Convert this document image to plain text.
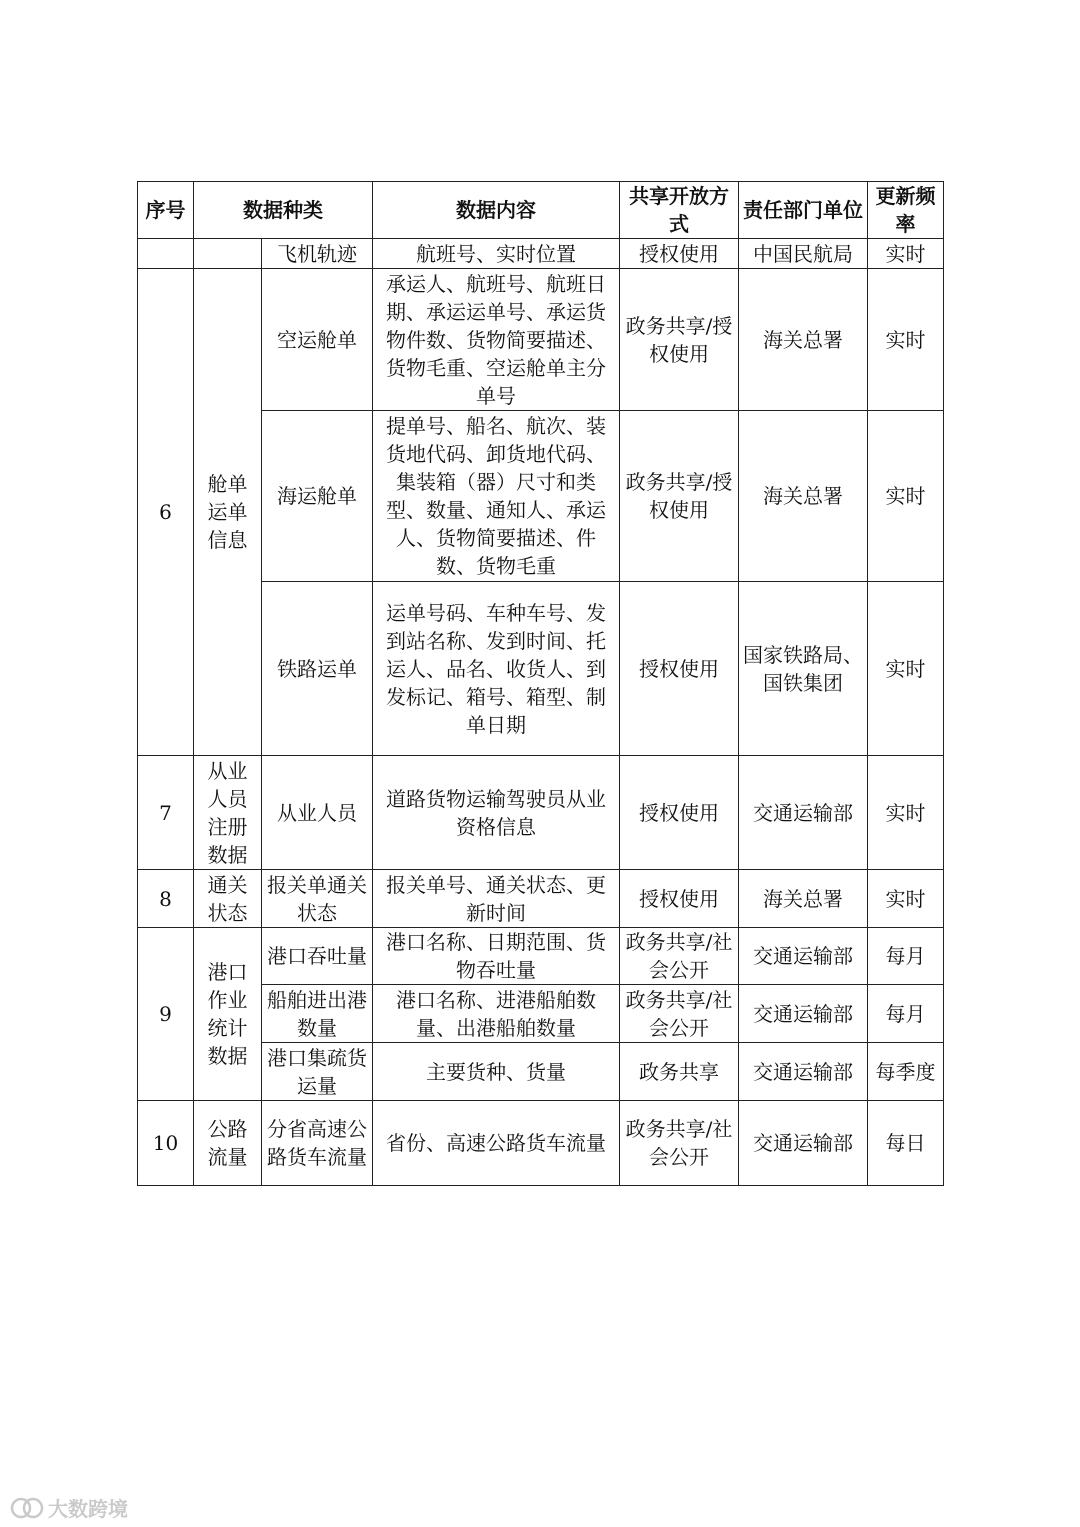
序号	数据种类		数据内容	共享开放方式	责任部门单位	更新频率
		飞机轨迹	航班号、实时位置	授权使用	中国民航局	实时
6	舱单运单信息	空运舱单	承运人、航班号、航班日期、承运运单号、承运货物件数、货物简要描述、货物毛重、空运舱单主分单号	政务共享/授权使用	海关总署	实时
		海运舱单	提单号、船名、航次、装货地代码、卸货地代码、集装箱（器）尺寸和类型、数量、通知人、承运人、货物简要描述、件数、货物毛重	政务共享/授权使用	海关总署	实时
		铁路运单	运单号码、车种车号、发到站名称、发到时间、托运人、品名、收货人、到发标记、箱号、箱型、制单日期	授权使用	国家铁路局、国铁集团	实时
7	从业人员注册数据	从业人员	道路货物运输驾驶员从业资格信息	授权使用	交通运输部	实时
8	通关状态	报关单通关状态	报关单号、通关状态、更新时间	授权使用	海关总署	实时
9	港口作业统计数据	港口吞吐量	港口名称、日期范围、货物吞吐量	政务共享/社会公开	交通运输部	每月
		船舶进出港数量	港口名称、进港船舶数量、出港船舶数量	政务共享/社会公开	交通运输部	每月
		港口集疏货运量	主要货种、货量	政务共享	交通运输部	每季度
10	公路流量	分省高速公路货车流量	省份、高速公路货车流量	政务共享/社会公开	交通运输部	每日
大数跨境
